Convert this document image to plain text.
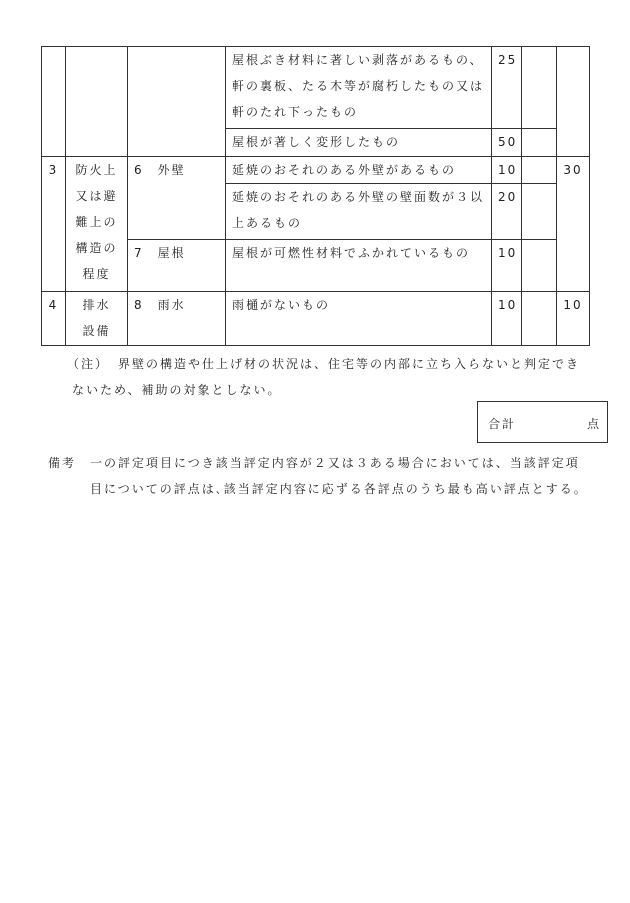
			屋根ぶき材料に著しい剥落があるもの、軒の裏板、たる木等が腐朽したもの又は軒のたれ下ったもの	25		
			屋根が著しく変形したもの	50		
3	防火上又は避難上の構造の程度	6　外壁	延焼のおそれのある外壁があるもの	10		30
			延焼のおそれのある外壁の壁面数が３以上あるもの	20		
		7　屋根	屋根が可燃性材料でふかれているもの	10		
4	排水設備	8　雨水	雨樋がないもの	10		10
（注） 界壁の構造や仕上げ材の状況は、住宅等の内部に立ち入らないと判定でき
ないため、補助の対象としない。
合計	点
備考 一の評定項目につき該当評定内容が２又は３ある場合においては、当該評定項
目についての評点は､該当評定内容に応ずる各評点のうち最も高い評点とする。
